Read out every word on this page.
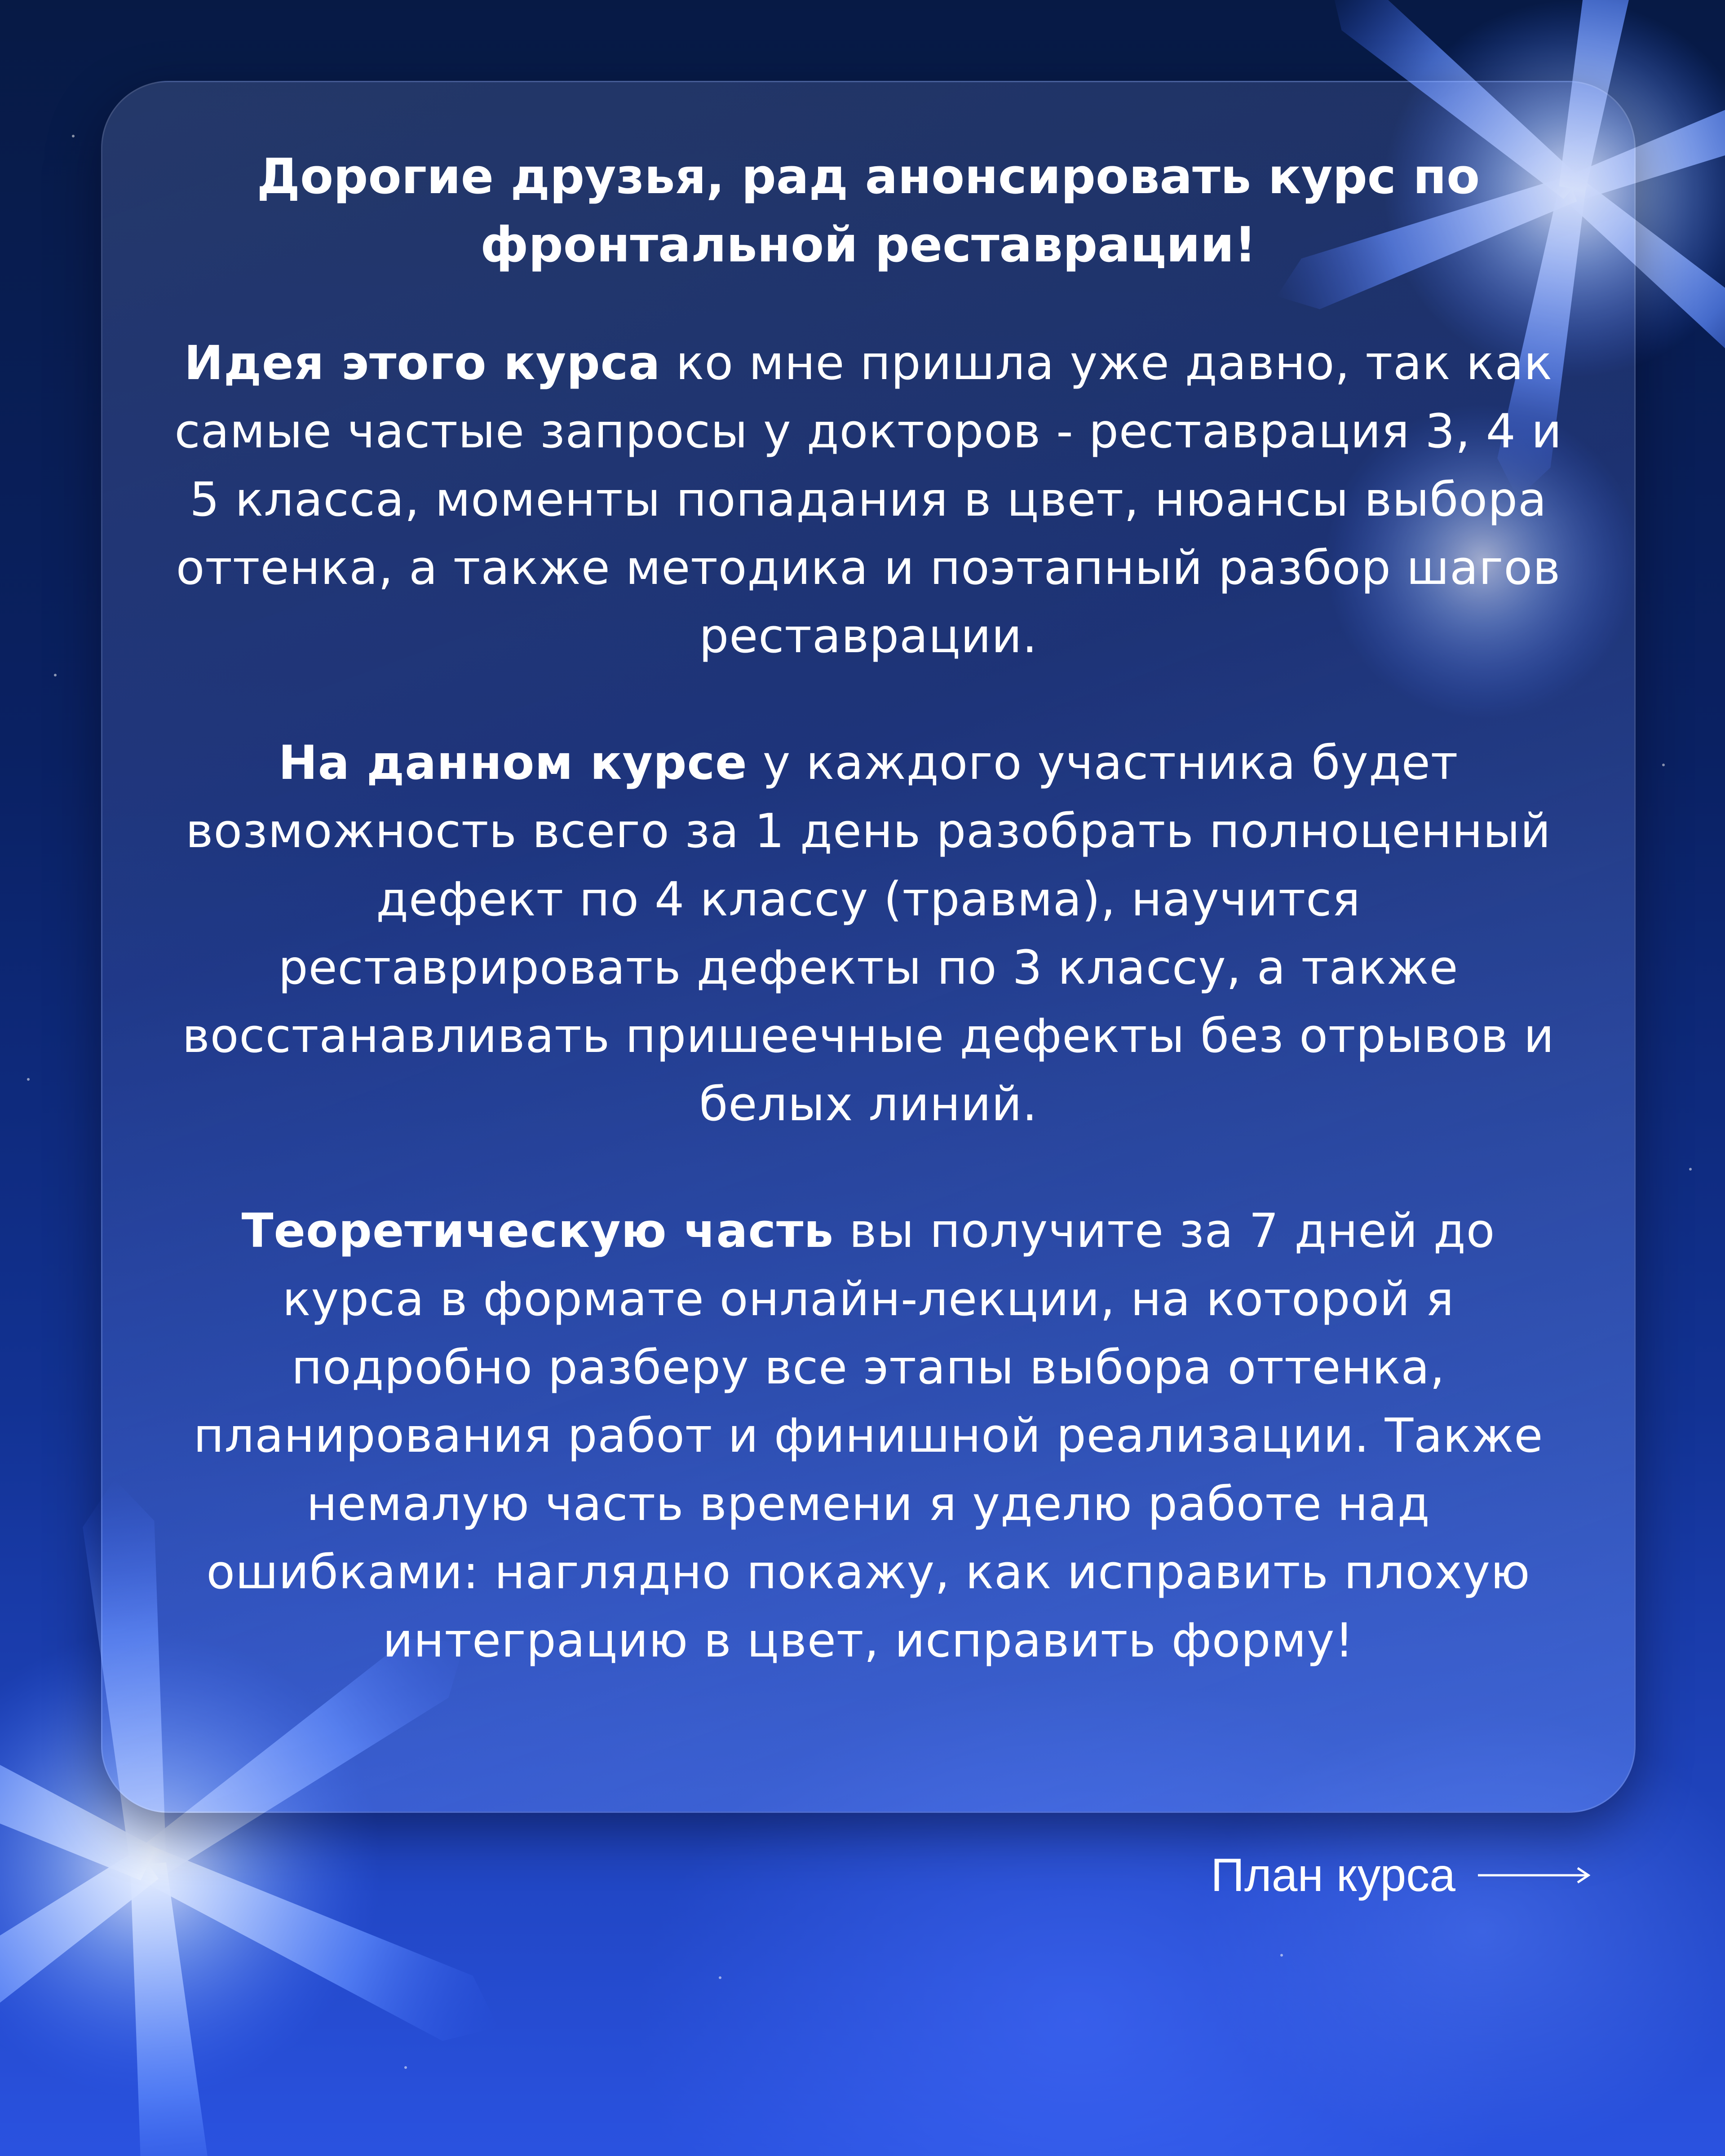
Дорогие друзья, рад анонсировать курс по фронтальной реставрации!

Идея этого курса ко мне пришла уже давно, так как самые частые запросы у докторов - реставрация 3, 4 и 5 класса, моменты попадания в цвет, нюансы выбора оттенка, а также методика и поэтапный разбор шагов реставрации.

На данном курсе у каждого участника будет возможность всего за 1 день разобрать полноценный дефект по 4 классу (травма), научится реставрировать дефекты по 3 классу, а также восстанавливать пришеечные дефекты без отрывов и белых линий.

Теоретическую часть вы получите за 7 дней до курса в формате онлайн-лекции, на которой я подробно разберу все этапы выбора оттенка, планирования работ и финишной реализации. Также немалую часть времени я уделю работе над ошибками: наглядно покажу, как исправить плохую интеграцию в цвет, исправить форму!

План курса
